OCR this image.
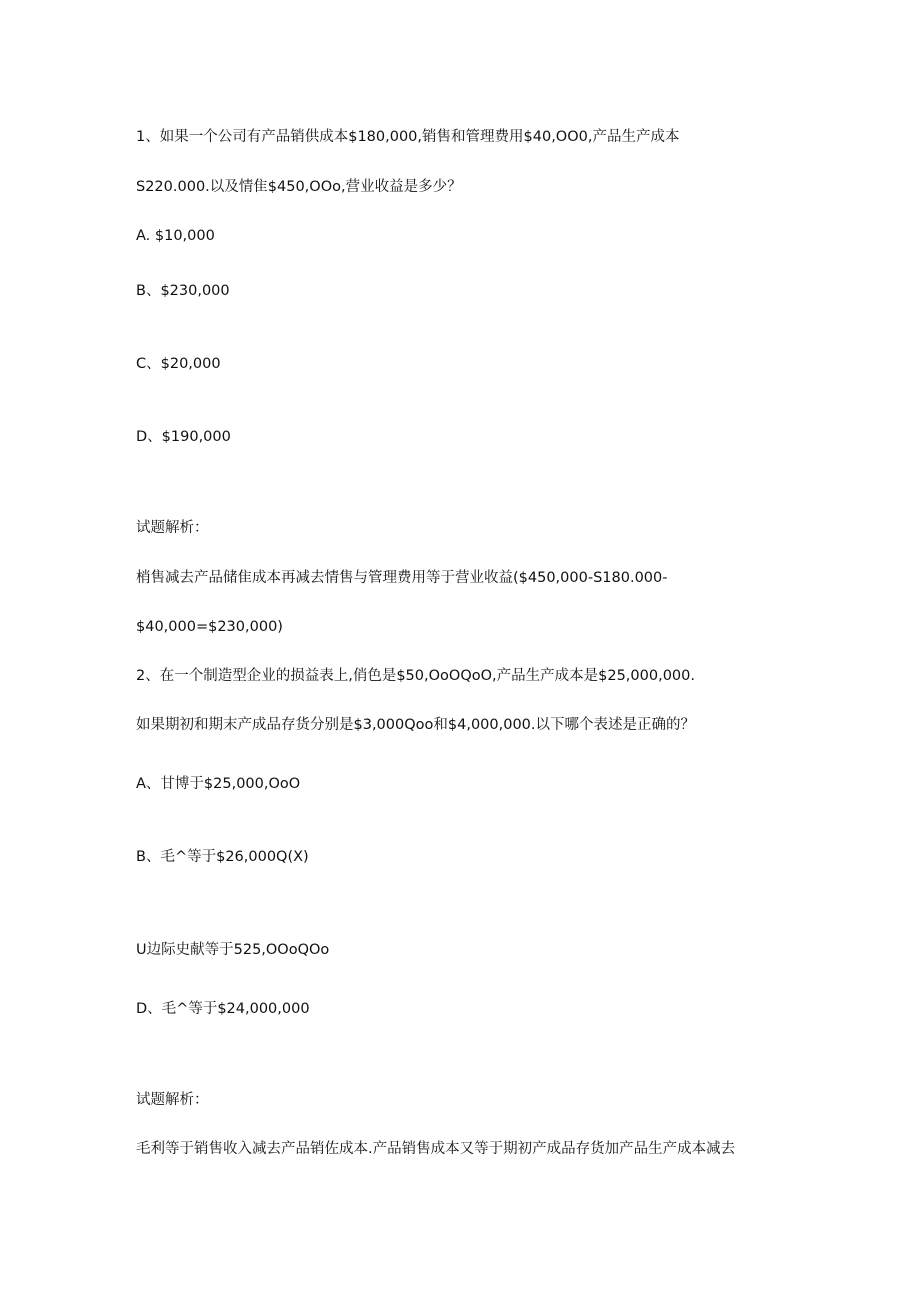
1、如果一个公司有产品销供成本$180,000,销售和管理费用$40,OO0,产品生产成本
S220.000.以及情隹$450,OOo,营业收益是多少？
A. $10,000
B、$230,000
C、$20,000
D、$190,000
试题解析：
梢售减去产品储隹成本再减去情售与管理费用等于营业收益($450,000-S180.000-
$40,000=$230,000)
2、在一个制造型企业的损益表上,俏色是$50,OoOQoO,产品生产成本是$25,000,000.
如果期初和期末产成品存货分别是$3,000Qoo和$4,000,000.以下哪个表述是正确的？
A、甘博于$25,000,OoO
B、毛^等于$26,000Q(X)
U边际史献等于525,OOoQOo
D、毛^等于$24,000,000
试题解析：
毛利等于销售收入减去产品销佐成本.产品销售成本又等于期初产成品存货加产品生产成本减去
